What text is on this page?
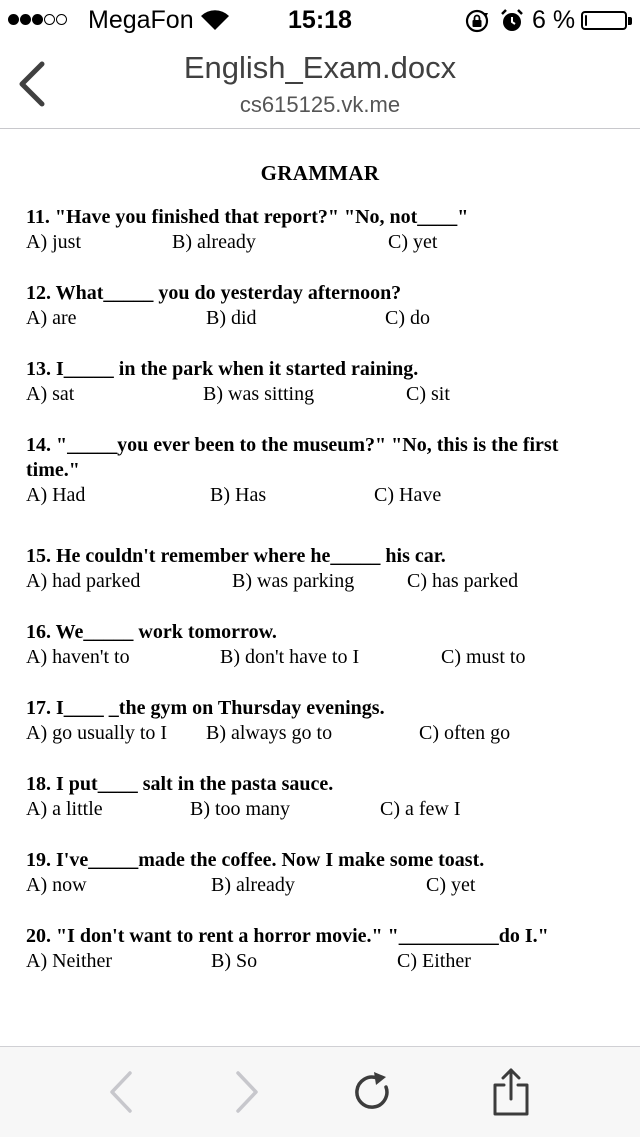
MegaFon	15:18	6 %
English_Exam.docx
cs615125.vk.me
GRAMMAR
11. "Have you finished that report?" "No, not____"
A) just	B) already	C) yet
12. What_____ you do yesterday afternoon?
A) are	B) did	C) do
13. I_____ in the park when it started raining.
A) sat	B) was sitting	C) sit
14. "_____you ever been to the museum?" "No, this is the first
time."
A) Had	B) Has	C) Have
15. He couldn't remember where he_____ his car.
A) had parked	B) was parking	C) has parked
16. We_____ work tomorrow.
A) haven't to	B) don't have to I	C) must to
17. I____ _the gym on Thursday evenings.
A) go usually to I B) always go to	C) often go
18. I put____ salt in the pasta sauce.
A) a little	B) too many	C) a few I
19. I've_____made the coffee. Now I make some toast.
A) now	B) already	C) yet
20. "I don't want to rent a horror movie." "__________do I."
A) Neither	B) So	C) Either
